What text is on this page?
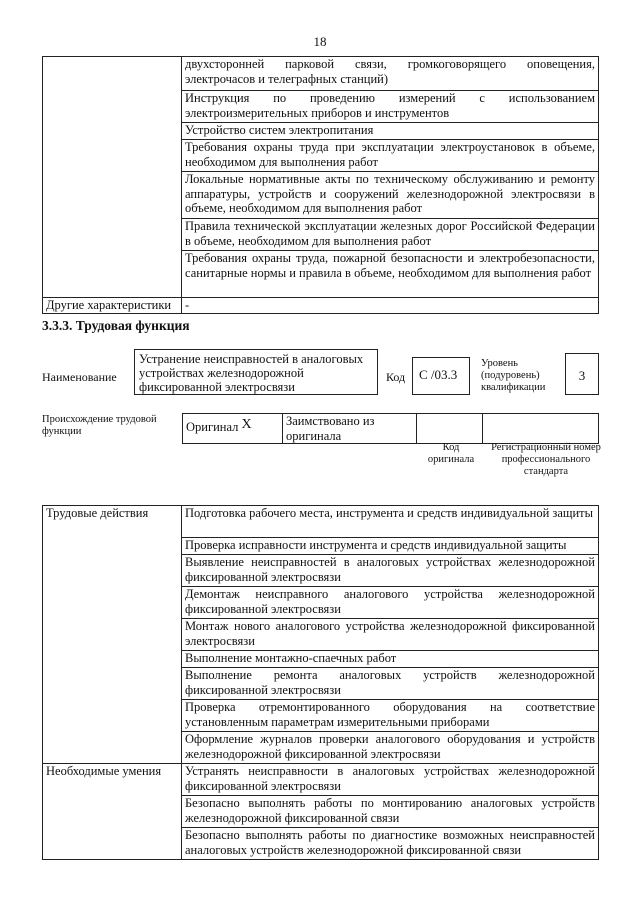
18
	двухсторонней парковой связи, громкоговорящего оповещения, электрочасов и телеграфных станций)
	Инструкция по проведению измерений с использованием электроизмерительных приборов и инструментов
	Устройство систем электропитания
	Требования охраны труда при эксплуатации электроустановок в объеме, необходимом для выполнения работ
	Локальные нормативные акты по техническому обслуживанию и ремонту аппаратуры, устройств и сооружений железнодорожной электросвязи в объеме, необходимом для выполнения работ
	Правила технической эксплуатации железных дорог Российской Федерации в объеме, необходимом для выполнения работ
	Требования охраны труда, пожарной безопасности и электробезопасности, санитарные нормы и правила в объеме, необходимом для выполнения работ
Другие характеристики	-
3.3.3. Трудовая функция
Наименование
Устранение неисправностей в аналоговых устройствах железнодорожной фиксированной электросвязи
Код	C /03.3
Уровень (подуровень) квалификации
3
Происхождение трудовой функции	Оригинал	X	Заимствовано из оригинала		
Код оригинала
Регистрационный номер профессионального стандарта
Трудовые действия	Подготовка рабочего места, инструмента и средств индивидуальной защиты
	Проверка исправности инструмента и средств индивидуальной защиты
	Выявление неисправностей в аналоговых устройствах железнодорожной фиксированной электросвязи
	Демонтаж неисправного аналогового устройства железнодорожной фиксированной электросвязи
	Монтаж нового аналогового устройства железнодорожной фиксированной электросвязи
	Выполнение монтажно-спаечных работ
	Выполнение ремонта аналоговых устройств железнодорожной фиксированной электросвязи
	Проверка отремонтированного оборудования на соответствие установленным параметрам измерительными приборами
	Оформление журналов проверки аналогового оборудования и устройств железнодорожной фиксированной электросвязи
Необходимые умения	Устранять неисправности в аналоговых устройствах железнодорожной фиксированной электросвязи
	Безопасно выполнять работы по монтированию аналоговых устройств железнодорожной фиксированной связи
	Безопасно выполнять работы по диагностике возможных неисправностей аналоговых устройств железнодорожной фиксированной связи
